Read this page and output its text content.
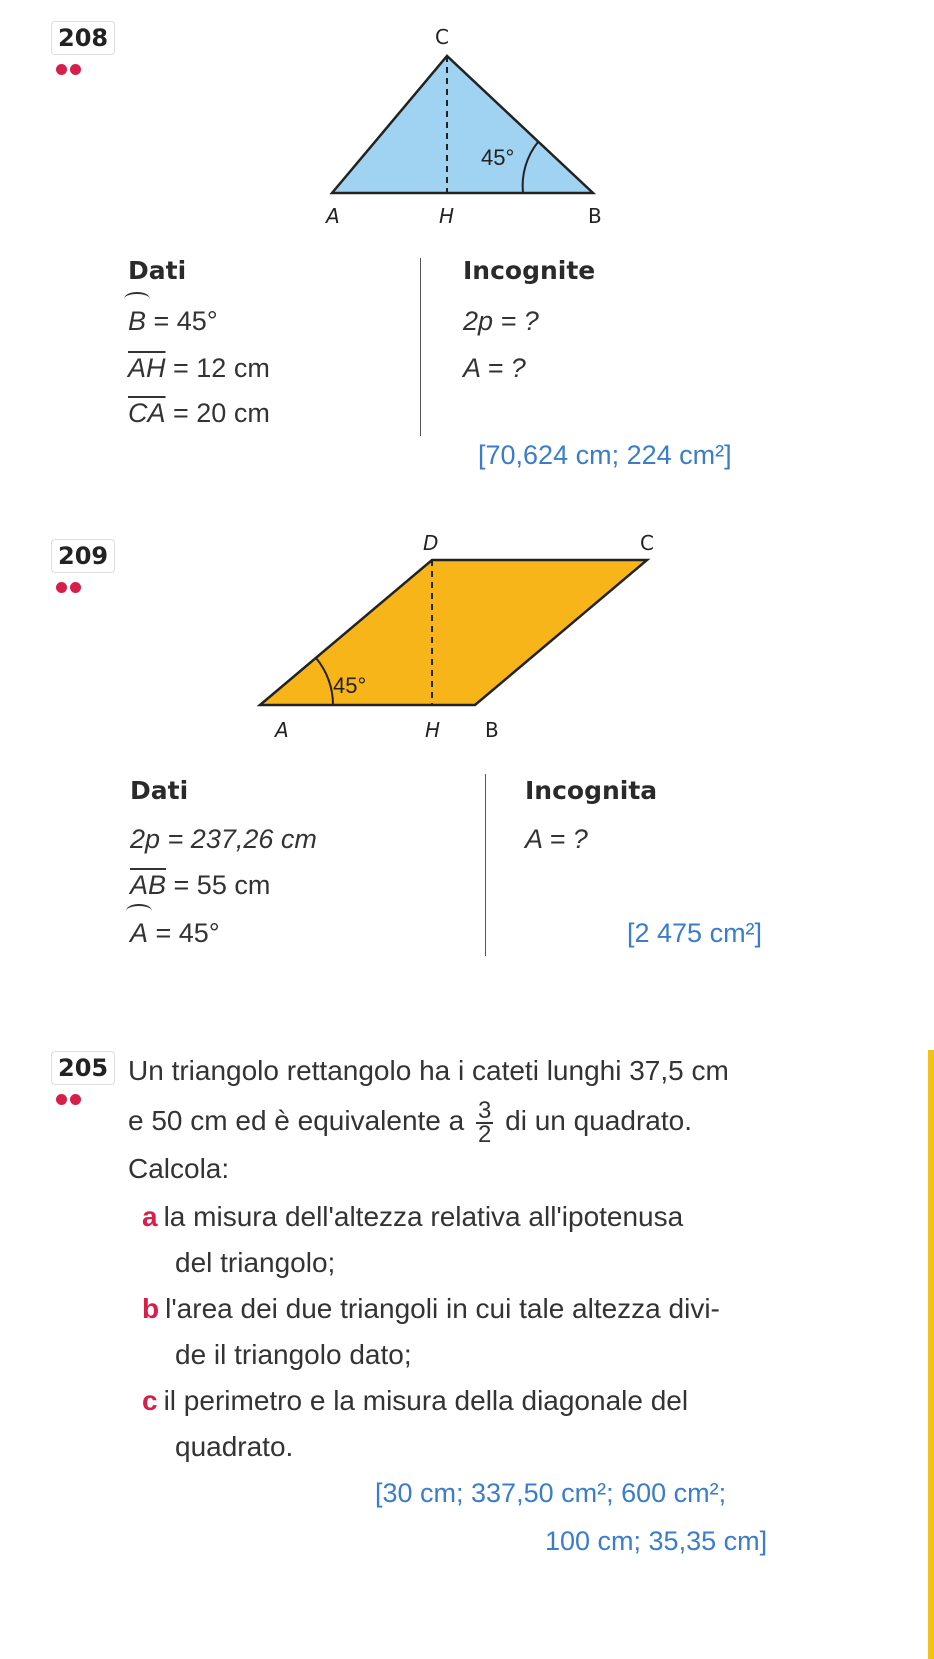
208
45°
C
A	H	B
Dati
B = 45°
$\overline{AH} = 12$ cm
$\overline{CA} = 20$ cm
Incognite
2p = ?
A = ?
[70,624 cm; 224 cm²]
209
45°
D	C
A	H B
Dati
2p = 237,26 cm
$\overline{AB} = 55$ cm
A = 45°
Incognita
A = ?
[2 475 cm²]
205 Un triangolo rettangolo ha i cateti lunghi 37,5 cm
e 50 cm ed è equivalente a $\frac{3}{2}$ di un quadrato.
Calcola:
a la misura dell'altezza relativa all'ipotenusa
del triangolo;
b l'area dei due triangoli in cui tale altezza divi-
de il triangolo dato;
c il perimetro e la misura della diagonale del
quadrato.
[30 cm; 337,50 cm²; 600 cm²;
100 cm; 35,35 cm]
